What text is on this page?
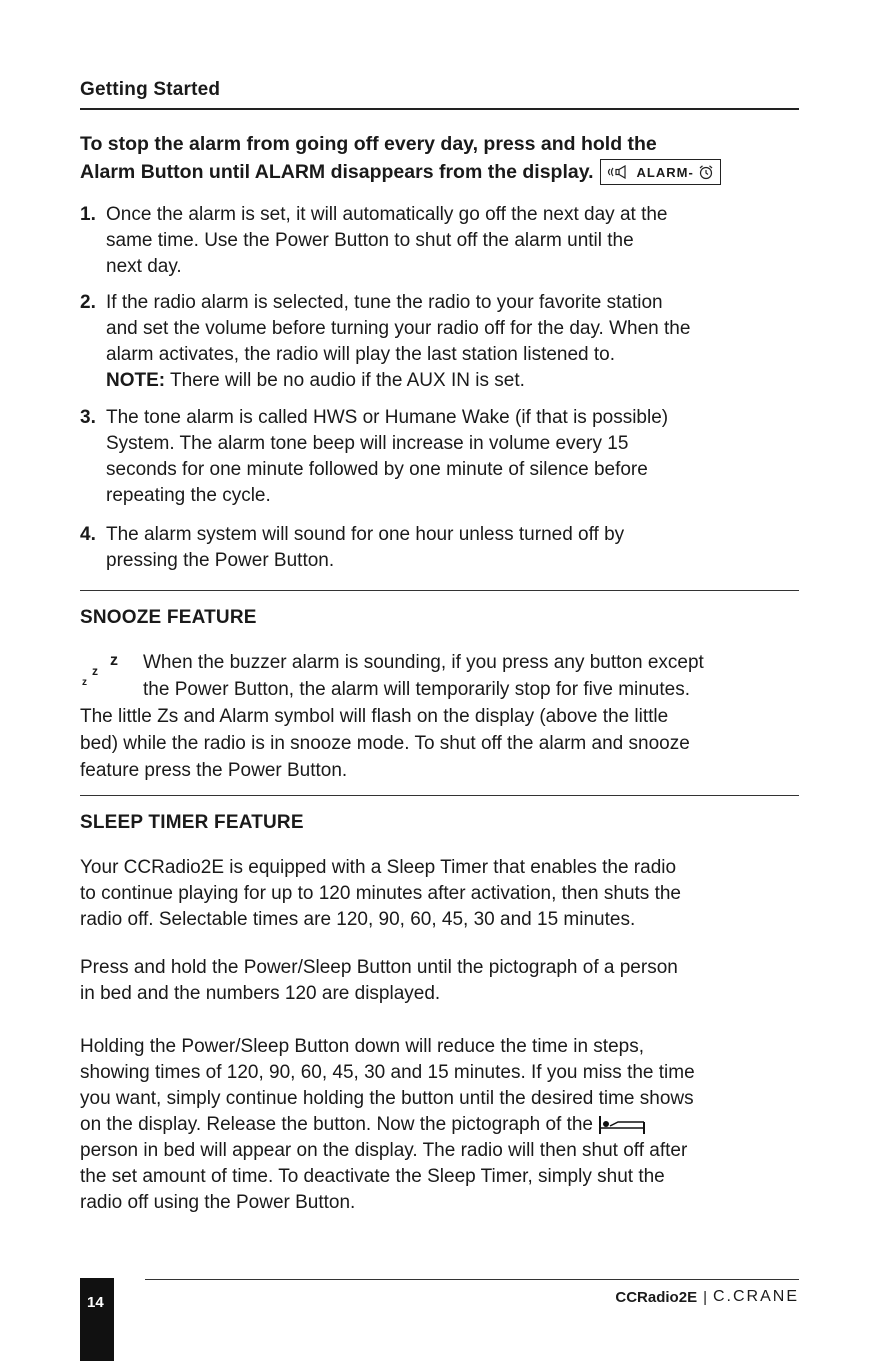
Getting Started
To stop the alarm from going off every day, press and hold the
Alarm Button until ALARM disappears from the display.	ALARM-
1. Once the alarm is set, it will automatically go off the next day at the
same time. Use the Power Button to shut off the alarm until the
next day.
2. If the radio alarm is selected, tune the radio to your favorite station
and set the volume before turning your radio off for the day. When the
alarm activates, the radio will play the last station listened to.
NOTE: There will be no audio if the AUX IN is set.
3. The tone alarm is called HWS or Humane Wake (if that is possible)
System. The alarm tone beep will increase in volume every 15
seconds for one minute followed by one minute of silence before
repeating the cycle.
4. The alarm system will sound for one hour unless turned off by
pressing the Power Button.
SNOOZE FEATURE
z
z
z
When the buzzer alarm is sounding, if you press any button except
the Power Button, the alarm will temporarily stop for five minutes.
The little Zs and Alarm symbol will flash on the display (above the little
bed) while the radio is in snooze mode. To shut off the alarm and snooze
feature press the Power Button.
SLEEP TIMER FEATURE
Your CCRadio2E is equipped with a Sleep Timer that enables the radio
to continue playing for up to 120 minutes after activation, then shuts the
radio off. Selectable times are 120, 90, 60, 45, 30 and 15 minutes.
Press and hold the Power/Sleep Button until the pictograph of a person
in bed and the numbers 120 are displayed.
Holding the Power/Sleep Button down will reduce the time in steps,
showing times of 120, 90, 60, 45, 30 and 15 minutes. If you miss the time
you want, simply continue holding the button until the desired time shows
on the display. Release the button. Now the pictograph of the
person in bed will appear on the display. The radio will then shut off after
the set amount of time. To deactivate the Sleep Timer, simply shut the
radio off using the Power Button.
14	CCRadio2E | C.CRANE
